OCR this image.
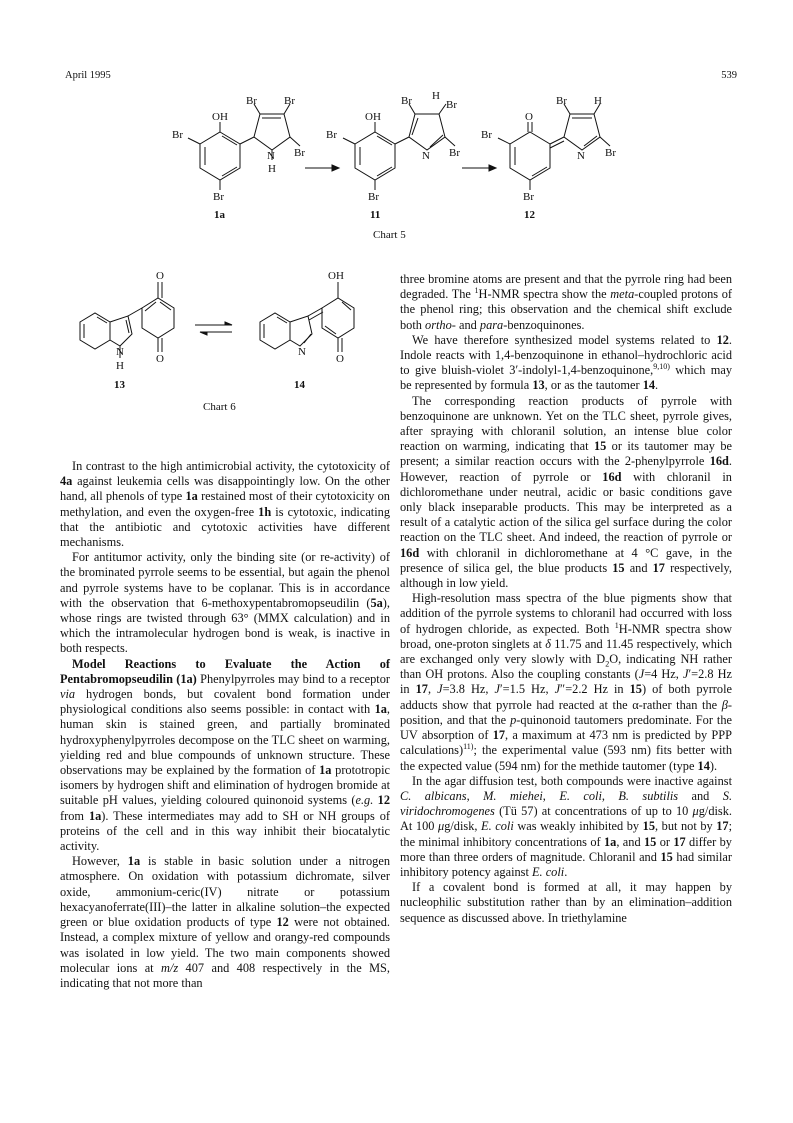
April 1995	539
OH
Br
Br
Br Br
Br
N
H
OH
Br
Br
Br H
Br
Br
N
O
Br
Br
Br H
Br
N
1a	11	12
Chart 5
O
O
N
H
OH
O
N
13	14
Chart 6

In contrast to the high antimicrobial activity, the cytotoxicity of 4a against leukemia cells was disappointingly low. On the other hand, all phenols of type 1a restained most of their cytotoxicity on methylation, and even the oxygen-free 1h is cytotoxic, indicating that the antibiotic and cytotoxic activities have different mechanisms.

For antitumor activity, only the binding site (or re-activity) of the brominated pyrrole seems to be essential, but again the phenol and pyrrole systems have to be coplanar. This is in accordance with the observation that 6-methoxypentabromopseudilin (5a), whose rings are twisted through 63° (MMX calculation) and in which the intramolecular hydrogen bond is weak, is inactive in both respects.

Model Reactions to Evaluate the Action of Pentabromopseudilin (1a) Phenylpyrroles may bind to a receptor via hydrogen bonds, but covalent bond formation under physiological conditions also seems possible: in contact with 1a, human skin is stained green, and partially brominated hydroxyphenylpyrroles decompose on the TLC sheet on warming, yielding red and blue compounds of unknown structure. These observations may be explained by the formation of 1a prototropic isomers by hydrogen shift and elimination of hydrogen bromide at suitable pH values, yielding coloured quinonoid systems (e.g. 12 from 1a). These intermediates may add to SH or NH groups of proteins of the cell and in this way inhibit their biocatalytic activity.

However, 1a is stable in basic solution under a nitrogen atmosphere. On oxidation with potassium dichromate, silver oxide, ammonium-ceric(IV) nitrate or potassium hexacyanoferrate(III)–the latter in alkaline solution–the expected green or blue oxidation products of type 12 were not obtained. Instead, a complex mixture of yellow and orangy-red compounds was isolated in low yield. The two main components showed molecular ions at m/z 407 and 408 respectively in the MS, indicating that not more than

three bromine atoms are present and that the pyrrole ring had been degraded. The $^1$H-NMR spectra show the meta-coupled protons of the phenol ring; this observation and the chemical shift exclude both ortho- and para-benzoquinones.

We have therefore synthesized model systems related to 12. Indole reacts with 1,4-benzoquinone in ethanol–hydrochloric acid to give bluish-violet 3′-indolyl-1,4-benzoquinone,$^{9,10)}$ which may be represented by formula 13, or as the tautomer 14.

The corresponding reaction products of pyrrole with benzoquinone are unknown. Yet on the TLC sheet, pyrrole gives, after spraying with chloranil solution, an intense blue color reaction on warming, indicating that 15 or its tautomer may be present; a similar reaction occurs with the 2-phenylpyrrole 16d. However, reaction of pyrrole or 16d with chloranil in dichloromethane under neutral, acidic or basic conditions gave only black inseparable products. This may be interpreted as a result of a catalytic action of the silica gel surface during the color reaction on the TLC sheet. And indeed, the reaction of pyrrole or 16d with chloranil in dichloromethane at 4 °C gave, in the presence of silica gel, the blue products 15 and 17 respectively, although in low yield.

High-resolution mass spectra of the blue pigments show that addition of the pyrrole systems to chloranil had occurred with loss of hydrogen chloride, as expected. Both $^1$H-NMR spectra show broad, one-proton singlets at δ 11.75 and 11.45 respectively, which are exchanged only very slowly with $D_2O$, indicating NH rather than OH protons. Also the coupling constants (J=4 Hz, J′=2.8 Hz in 17, J=3.8 Hz, J′=1.5 Hz, J″=2.2 Hz in 15) of both pyrrole adducts show that pyrrole had reacted at the α-rather than the β-position, and that the p-quinonoid tautomers predominate. For the UV absorption of 17, a maximum at 473 nm is predicted by PPP calculations)$^{11)}$; the experimental value (593 nm) fits better with the expected value (594 nm) for the methide tautomer (type 14).

In the agar diffusion test, both compounds were inactive against C. albicans, M. miehei, E. coli, B. subtilis and S. viridochromogenes (Tü 57) at concentrations of up to 10 μg/disk. At 100 μg/disk, E. coli was weakly inhibited by 15, but not by 17; the minimal inhibitory concentrations of 1a, and 15 or 17 differ by more than three orders of magnitude. Chloranil and 15 had similar inhibitory potency against E. coli.

If a covalent bond is formed at all, it may happen by nucleophilic substitution rather than by an elimination–addition sequence as discussed above. In triethylamine
